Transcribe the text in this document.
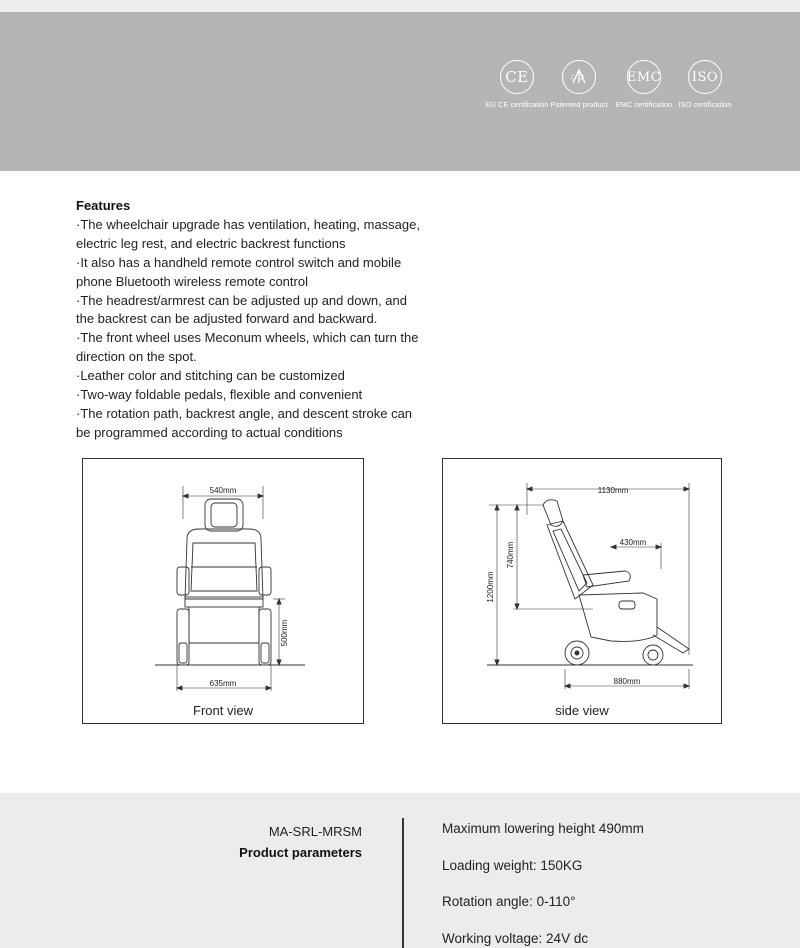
CE
EU CE certification Patented product
EMC
EMC certification
ISO
ISO certification
Features

·The wheelchair upgrade has ventilation, heating, massage, electric leg rest, and electric backrest functions

·It also has a handheld remote control switch and mobile phone Bluetooth wireless remote control

·The headrest/armrest can be adjusted up and down, and the backrest can be adjusted forward and backward.

·The front wheel uses Meconum wheels, which can turn the direction on the spot.

·Leather color and stitching can be customized

·Two-way foldable pedals, flexible and convenient

·The rotation path, backrest angle, and descent stroke can be programmed according to actual conditions

540mm
635mm
500mm
Front view
1130mm
430mm
880mm
740mm
1200mm
side view
MA-SRL-MRSM
Product parameters
Maximum lowering height 490mm
Loading weight: 150KG
Rotation angle: 0-110°
Working voltage: 24V dc
